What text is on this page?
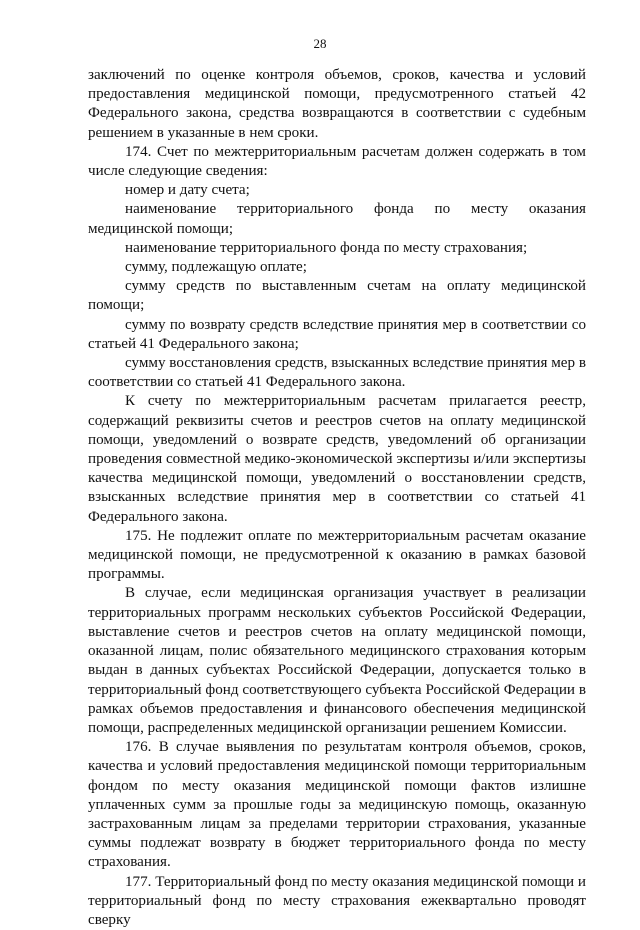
28

заключений по оценке контроля объемов, сроков, качества и условий предоставления медицинской помощи, предусмотренного статьей 42 Федерального закона, средства возвращаются в соответствии с судебным решением в указанные в нем сроки.

174. Счет по межтерриториальным расчетам должен содержать в том числе следующие сведения:

номер и дату счета;

наименование территориального фонда по месту оказания медицинской помощи;

наименование территориального фонда по месту страхования;

сумму, подлежащую оплате;

сумму средств по выставленным счетам на оплату медицинской помощи;

сумму по возврату средств вследствие принятия мер в соответствии со статьей 41 Федерального закона;

сумму восстановления средств, взысканных вследствие принятия мер в соответствии со статьей 41 Федерального закона.

К счету по межтерриториальным расчетам прилагается реестр, содержащий реквизиты счетов и реестров счетов на оплату медицинской помощи, уведомлений о возврате средств, уведомлений об организации проведения совместной медико-экономической экспертизы и/или экспертизы качества медицинской помощи, уведомлений о восстановлении средств, взысканных вследствие принятия мер в соответствии со статьей 41 Федерального закона.

175. Не подлежит оплате по межтерриториальным расчетам оказание медицинской помощи, не предусмотренной к оказанию в рамках базовой программы.

В случае, если медицинская организация участвует в реализации территориальных программ нескольких субъектов Российской Федерации, выставление счетов и реестров счетов на оплату медицинской помощи, оказанной лицам, полис обязательного медицинского страхования которым выдан в данных субъектах Российской Федерации, допускается только в территориальный фонд соответствующего субъекта Российской Федерации в рамках объемов предоставления и финансового обеспечения медицинской помощи, распределенных медицинской организации решением Комиссии.

176. В случае выявления по результатам контроля объемов, сроков, качества и условий предоставления медицинской помощи территориальным фондом по месту оказания медицинской помощи фактов излишне уплаченных сумм за прошлые годы за медицинскую помощь, оказанную застрахованным лицам за пределами территории страхования, указанные суммы подлежат возврату в бюджет территориального фонда по месту страхования.

177. Территориальный фонд по месту оказания медицинской помощи и территориальный фонд по месту страхования ежеквартально проводят сверку
